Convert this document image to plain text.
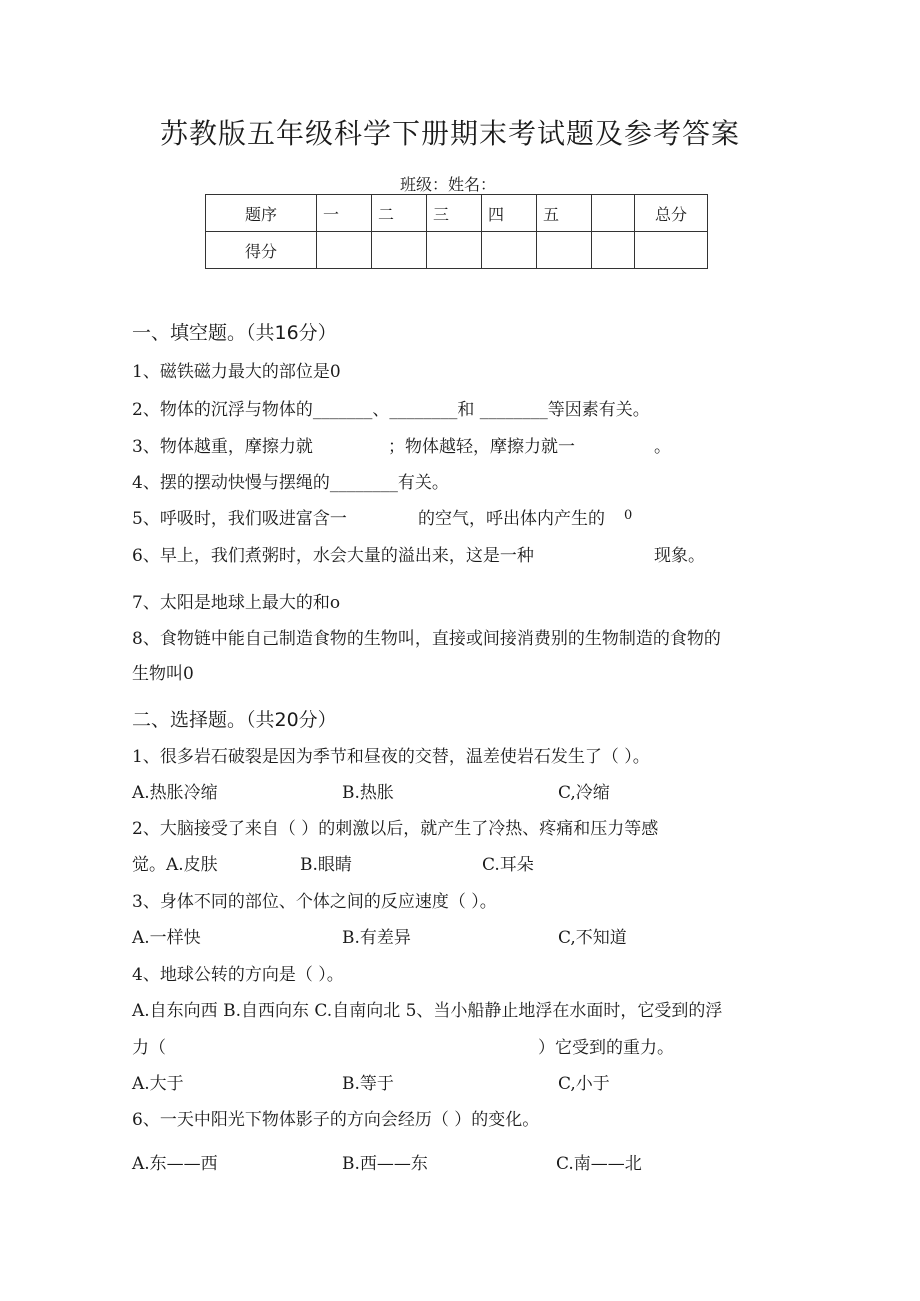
苏教版五年级科学下册期末考试题及参考答案
班级：姓名：
题序	一	二	三	四	五		总分
得分							
一、填空题。（共16分）
1、磁铁磁力最大的部位是0
2、物体的沉浮与物体的_______、________和 ________等因素有关。
3、物体越重，摩擦力就	；物体越轻，摩擦力就一	。
4、摆的摆动快慢与摆绳的________有关。
5、呼吸时，我们吸进富含一	的空气，呼出体内产生的 0
6、早上，我们煮粥时，水会大量的溢出来，这是一种	现象。
7、太阳是地球上最大的和o
8、食物链中能自己制造食物的生物叫，直接或间接消费别的生物制造的食物的
生物叫0
二、选择题。（共20分）
1、很多岩石破裂是因为季节和昼夜的交替，温差使岩石发生了（ ）。
A.热胀冷缩	B.热胀	C,冷缩
2、大脑接受了来自（ ）的刺激以后，就产生了冷热、疼痛和压力等感
觉。A.皮肤	B.眼睛	C.耳朵
3、身体不同的部位、个体之间的反应速度（ ）。
A.一样快	B.有差异	C,不知道
4、地球公转的方向是（ ）。
A.自东向西 B.自西向东 C.自南向北 5、当小船静止地浮在水面时，它受到的浮
力（	）它受到的重力。
A.大于	B.等于	C,小于
6、一天中阳光下物体影子的方向会经历（ ）的变化。
A.东——西	B.西——东	C.南——北
